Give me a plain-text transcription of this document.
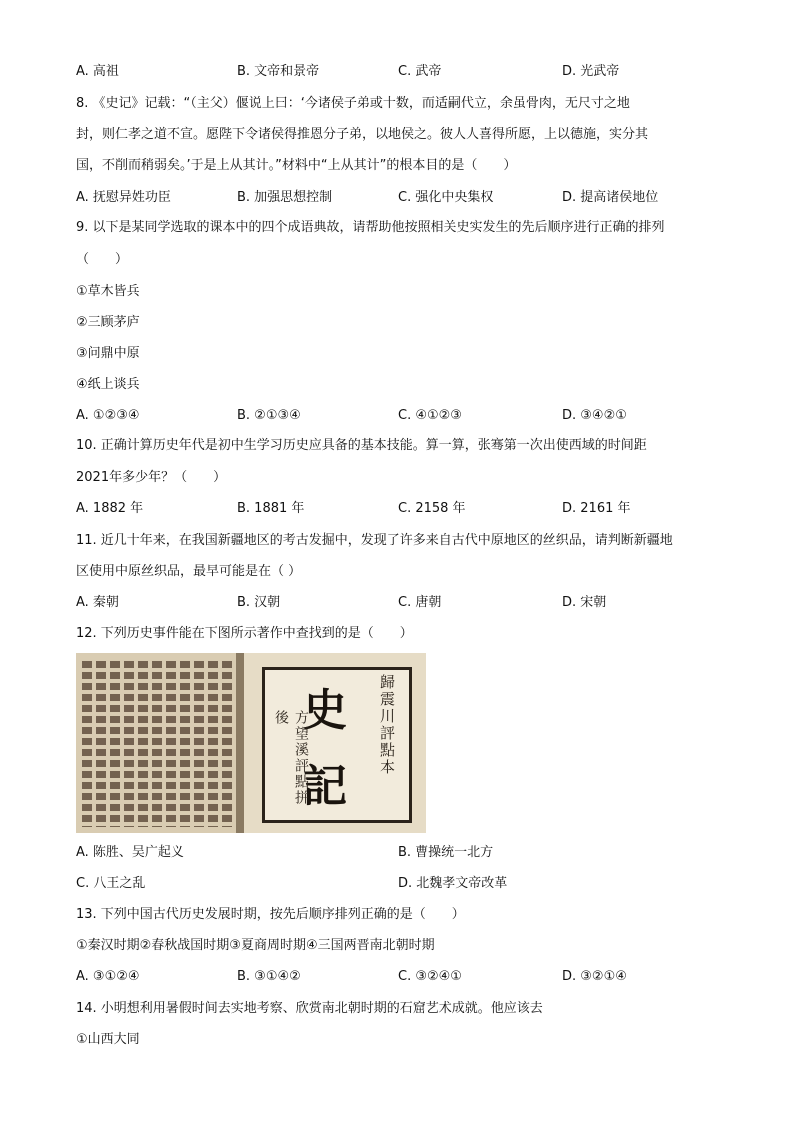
A. 高祖	B. 文帝和景帝	C. 武帝	D. 光武帝
8. 《史记》记载：“（主父）偃说上曰：‘今诸侯子弟或十数，而适嗣代立，余虽骨肉，无尺寸之地
封，则仁孝之道不宣。愿陛下令诸侯得推恩分子弟，以地侯之。彼人人喜得所愿，上以德施，实分其
国，不削而稍弱矣。’于是上从其计。”材料中“上从其计”的根本目的是（　　）
A. 抚慰异姓功臣	B. 加强思想控制	C. 强化中央集权	D. 提高诸侯地位
9. 以下是某同学选取的课本中的四个成语典故，请帮助他按照相关史实发生的先后顺序进行正确的排列
（　　）
①草木皆兵
②三顾茅庐
③问鼎中原
④纸上谈兵
A. ①②③④	B. ②①③④	C. ④①②③	D. ③④②①
10. 正确计算历史年代是初中生学习历史应具备的基本技能。算一算，张骞第一次出使西域的时间距
2021年多少年？（　　）
A. 1882 年	B. 1881 年	C. 2158 年	D. 2161 年
11. 近几十年来，在我国新疆地区的考古发掘中，发现了许多来自古代中原地区的丝织品，请判断新疆地
区使用中原丝织品，最早可能是在（ ）
A. 秦朝	B. 汉朝	C. 唐朝	D. 宋朝
12. 下列历史事件能在下图所示著作中查找到的是（　　）
史
記
歸震川評點本
方望溪評點拼後
A. 陈胜、吴广起义	B. 曹操统一北方
C. 八王之乱	D. 北魏孝文帝改革
13. 下列中国古代历史发展时期，按先后顺序排列正确的是（　　）
①秦汉时期②春秋战国时期③夏商周时期④三国两晋南北朝时期
A. ③①②④	B. ③①④②	C. ③②④①	D. ③②①④
14. 小明想利用暑假时间去实地考察、欣赏南北朝时期的石窟艺术成就。他应该去
①山西大同
